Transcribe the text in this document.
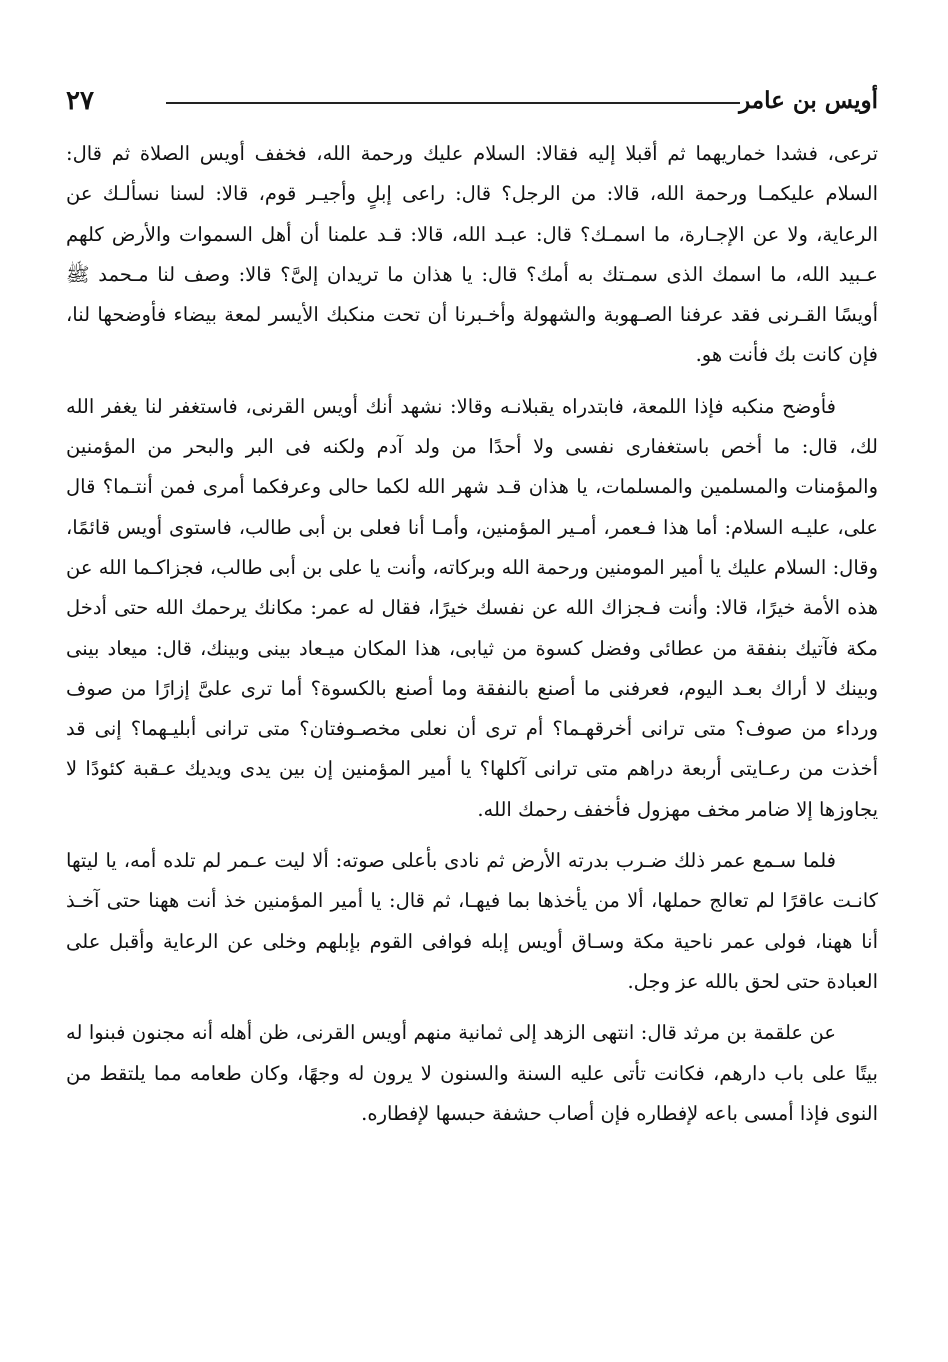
أويس بن عامر
٢٧

ترعى، فشدا خماريهما ثم أقبلا إليه فقالا: السلام عليك ورحمة الله، فخفف أويس الصلاة ثم قال: السلام عليكمـا ورحمة الله، قالا: من الرجل؟ قال: راعى إبلٍ وأجيـر قوم، قالا: لسنا نسألـك عن الرعاية، ولا عن الإجـارة، ما اسمـك؟ قال: عبـد الله، قالا: قـد علمنا أن أهل السموات والأرض كلهم عـبيد الله، ما اسمك الذى سمـتك به أمك؟ قال: يا هذان ما تريدان إلىَّ؟ قالا: وصف لنا مـحمد ﷺ أويسًا القـرنى فقد عرفنا الصـهوبة والشهولة وأخـبرنا أن تحت منكبك الأيسر لمعة بيضاء فأوضحها لنا، فإن كانت بك فأنت هو.

فأوضح منكبه فإذا اللمعة، فابتدراه يقبلانـه وقالا: نشهد أنك أويس القرنى، فاستغفر لنا يغفر الله لك، قال: ما أخص باستغفارى نفسى ولا أحدًا من ولد آدم ولكنه فى البر والبحر من المؤمنين والمؤمنات والمسلمين والمسلمات، يا هذان قـد شهر الله لكما حالى وعرفكما أمرى فمن أنتـما؟ قال على، عليـه السلام: أما هذا فـعمر، أمـير المؤمنين، وأمـا أنا فعلى بن أبى طالب، فاستوى أويس قائمًا، وقال: السلام عليك يا أمير المومنين ورحمة الله وبركاته، وأنت يا على بن أبى طالب، فجزاكـما الله عن هذه الأمة خيرًا، قالا: وأنت فـجزاك الله عن نفسك خيرًا، فقال له عمر: مكانك يرحمك الله حتى أدخل مكة فآتيك بنفقة من عطائى وفضل كسوة من ثيابى، هذا المكان ميـعاد بينى وبينك، قال: ميعاد بينى وبينك لا أراك بعـد اليوم، فعرفنى ما أصنع بالنفقة وما أصنع بالكسوة؟ أما ترى علىَّ إزارًا من صوف ورداء من صوف؟ متى ترانى أخرقهـما؟ أم ترى أن نعلى مخصـوفتان؟ متى ترانى أبليـهما؟ إنى قد أخذت من رعـايتى أربعة دراهم متى ترانى آكلها؟ يا أمير المؤمنين إن بين يدى ويديك عـقبة كئودًا لا يجاوزها إلا ضامر مخف مهزول فأخفف رحمك الله.

فلما سـمع عمر ذلك ضـرب بدرته الأرض ثم نادى بأعلى صوته: ألا ليت عـمر لم تلده أمه، يا ليتها كانـت عاقرًا لم تعالج حملها، ألا من يأخذها بما فيهـا، ثم قال: يا أمير المؤمنين خذ أنت ههنا حتى آخـذ أنا ههنا، فولى عمر ناحية مكة وسـاق أويس إبله فوافى القوم بإبلهم وخلى عن الرعاية وأقبل على العبادة حتى لحق بالله عز وجل.

عن علقمة بن مرثد قال: انتهى الزهد إلى ثمانية منهم أويس القرنى، ظن أهله أنه مجنون فبنوا له بيتًا على باب دارهم، فكانت تأتى عليه السنة والسنون لا يرون له وجهًا، وكان طعامه مما يلتقط من النوى فإذا أمسى باعه لإفطاره فإن أصاب حشفة حبسها لإفطاره.
